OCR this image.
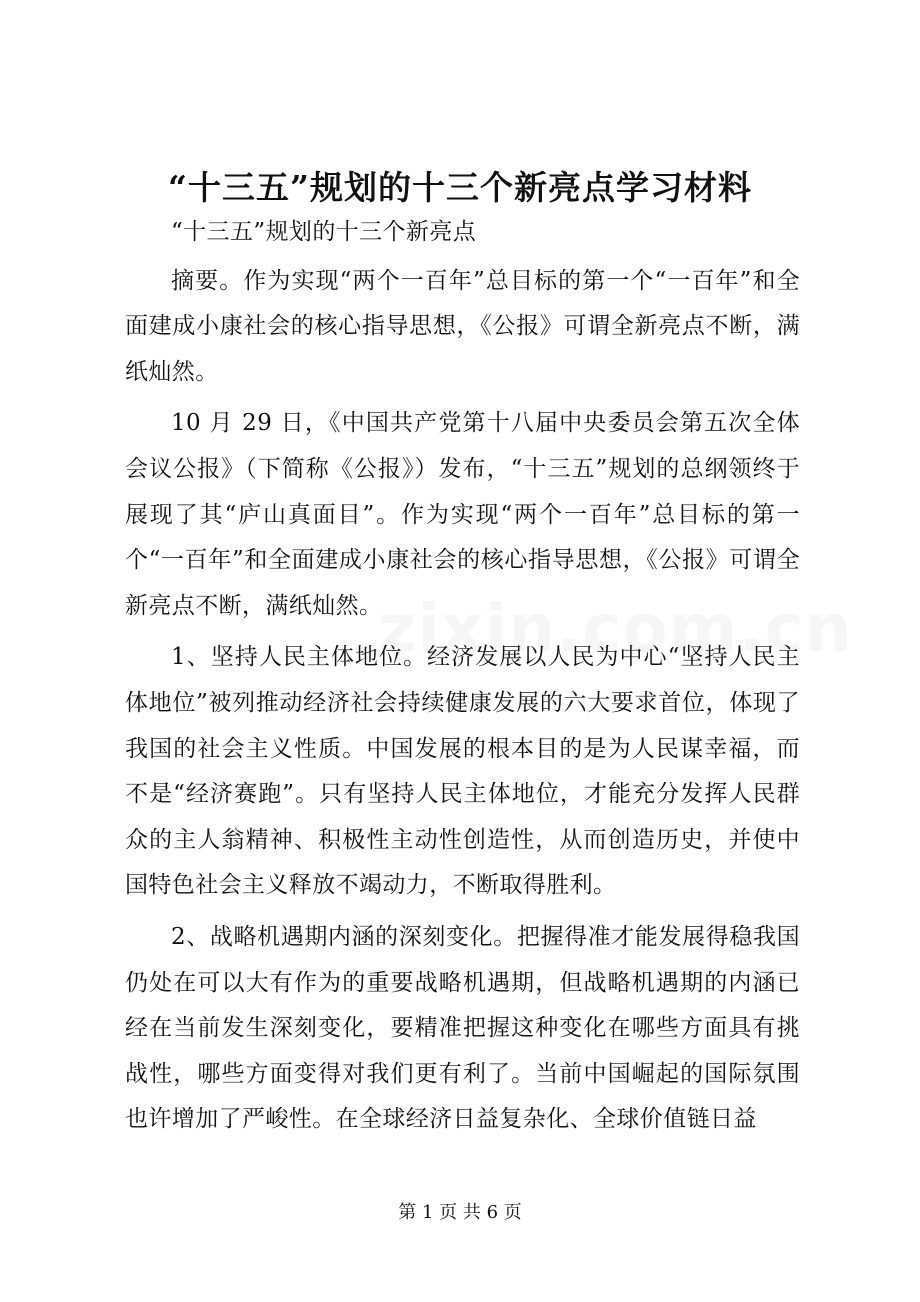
“十三五”规划的十三个新亮点学习材料

“十三五”规划的十三个新亮点

摘要。作为实现“两个一百年”总目标的第一个“一百年”和全面建成小康社会的核心指导思想，《公报》可谓全新亮点不断，满纸灿然。

10 月 29 日，《中国共产党第十八届中央委员会第五次全体会议公报》（下简称《公报》）发布，“十三五”规划的总纲领终于展现了其“庐山真面目”。作为实现“两个一百年”总目标的第一个“一百年”和全面建成小康社会的核心指导思想，《公报》可谓全新亮点不断，满纸灿然。

1、坚持人民主体地位。经济发展以人民为中心“坚持人民主体地位”被列推动经济社会持续健康发展的六大要求首位，体现了我国的社会主义性质。中国发展的根本目的是为人民谋幸福，而不是“经济赛跑”。只有坚持人民主体地位，才能充分发挥人民群众的主人翁精神、积极性主动性创造性，从而创造历史，并使中国特色社会主义释放不竭动力，不断取得胜利。

2、战略机遇期内涵的深刻变化。把握得准才能发展得稳我国仍处在可以大有作为的重要战略机遇期，但战略机遇期的内涵已经在当前发生深刻变化，要精准把握这种变化在哪些方面具有挑战性，哪些方面变得对我们更有利了。当前中国崛起的国际氛围也许增加了严峻性。在全球经济日益复杂化、全球价值链日益

第 1 页 共 6 页
